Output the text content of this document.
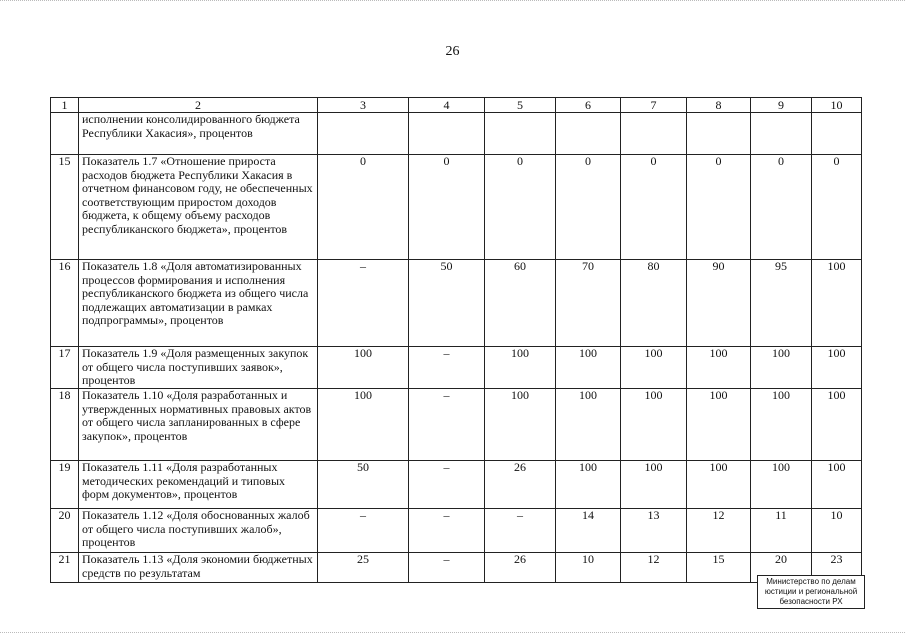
26
1	2	3	4	5	6	7	8	9	10
	исполнении консолидированного бюджета Республики Хакасия», процентов								
15	Показатель 1.7 «Отношение прироста расходов бюджета Республики Хакасия в отчетном финансовом году, не обеспеченных соответствующим приростом доходов бюджета, к общему объему расходов республиканского бюджета», процентов	0	0	0	0	0	0	0	0
16	Показатель 1.8 «Доля автоматизированных процессов формирования и исполнения республиканского бюджета из общего числа подлежащих автоматизации в рамках подпрограммы», процентов	–	50	60	70	80	90	95	100
17	Показатель 1.9 «Доля размещенных закупок от общего числа поступивших заявок», процентов	100	–	100	100	100	100	100	100
18	Показатель 1.10 «Доля разработанных и утвержденных нормативных правовых актов от общего числа запланированных в сфере закупок», процентов	100	–	100	100	100	100	100	100
19	Показатель 1.11 «Доля разработанных методических рекомендаций и типовых форм документов», процентов	50	–	26	100	100	100	100	100
20	Показатель 1.12 «Доля обоснованных жалоб от общего числа поступивших жалоб», процентов	–	–	–	14	13	12	11	10
21	Показатель 1.13 «Доля экономии бюджетных средств по результатам	25	–	26	10	12	15	20	23
Министерство по делам
юстиции и региональной
безопасности РХ
